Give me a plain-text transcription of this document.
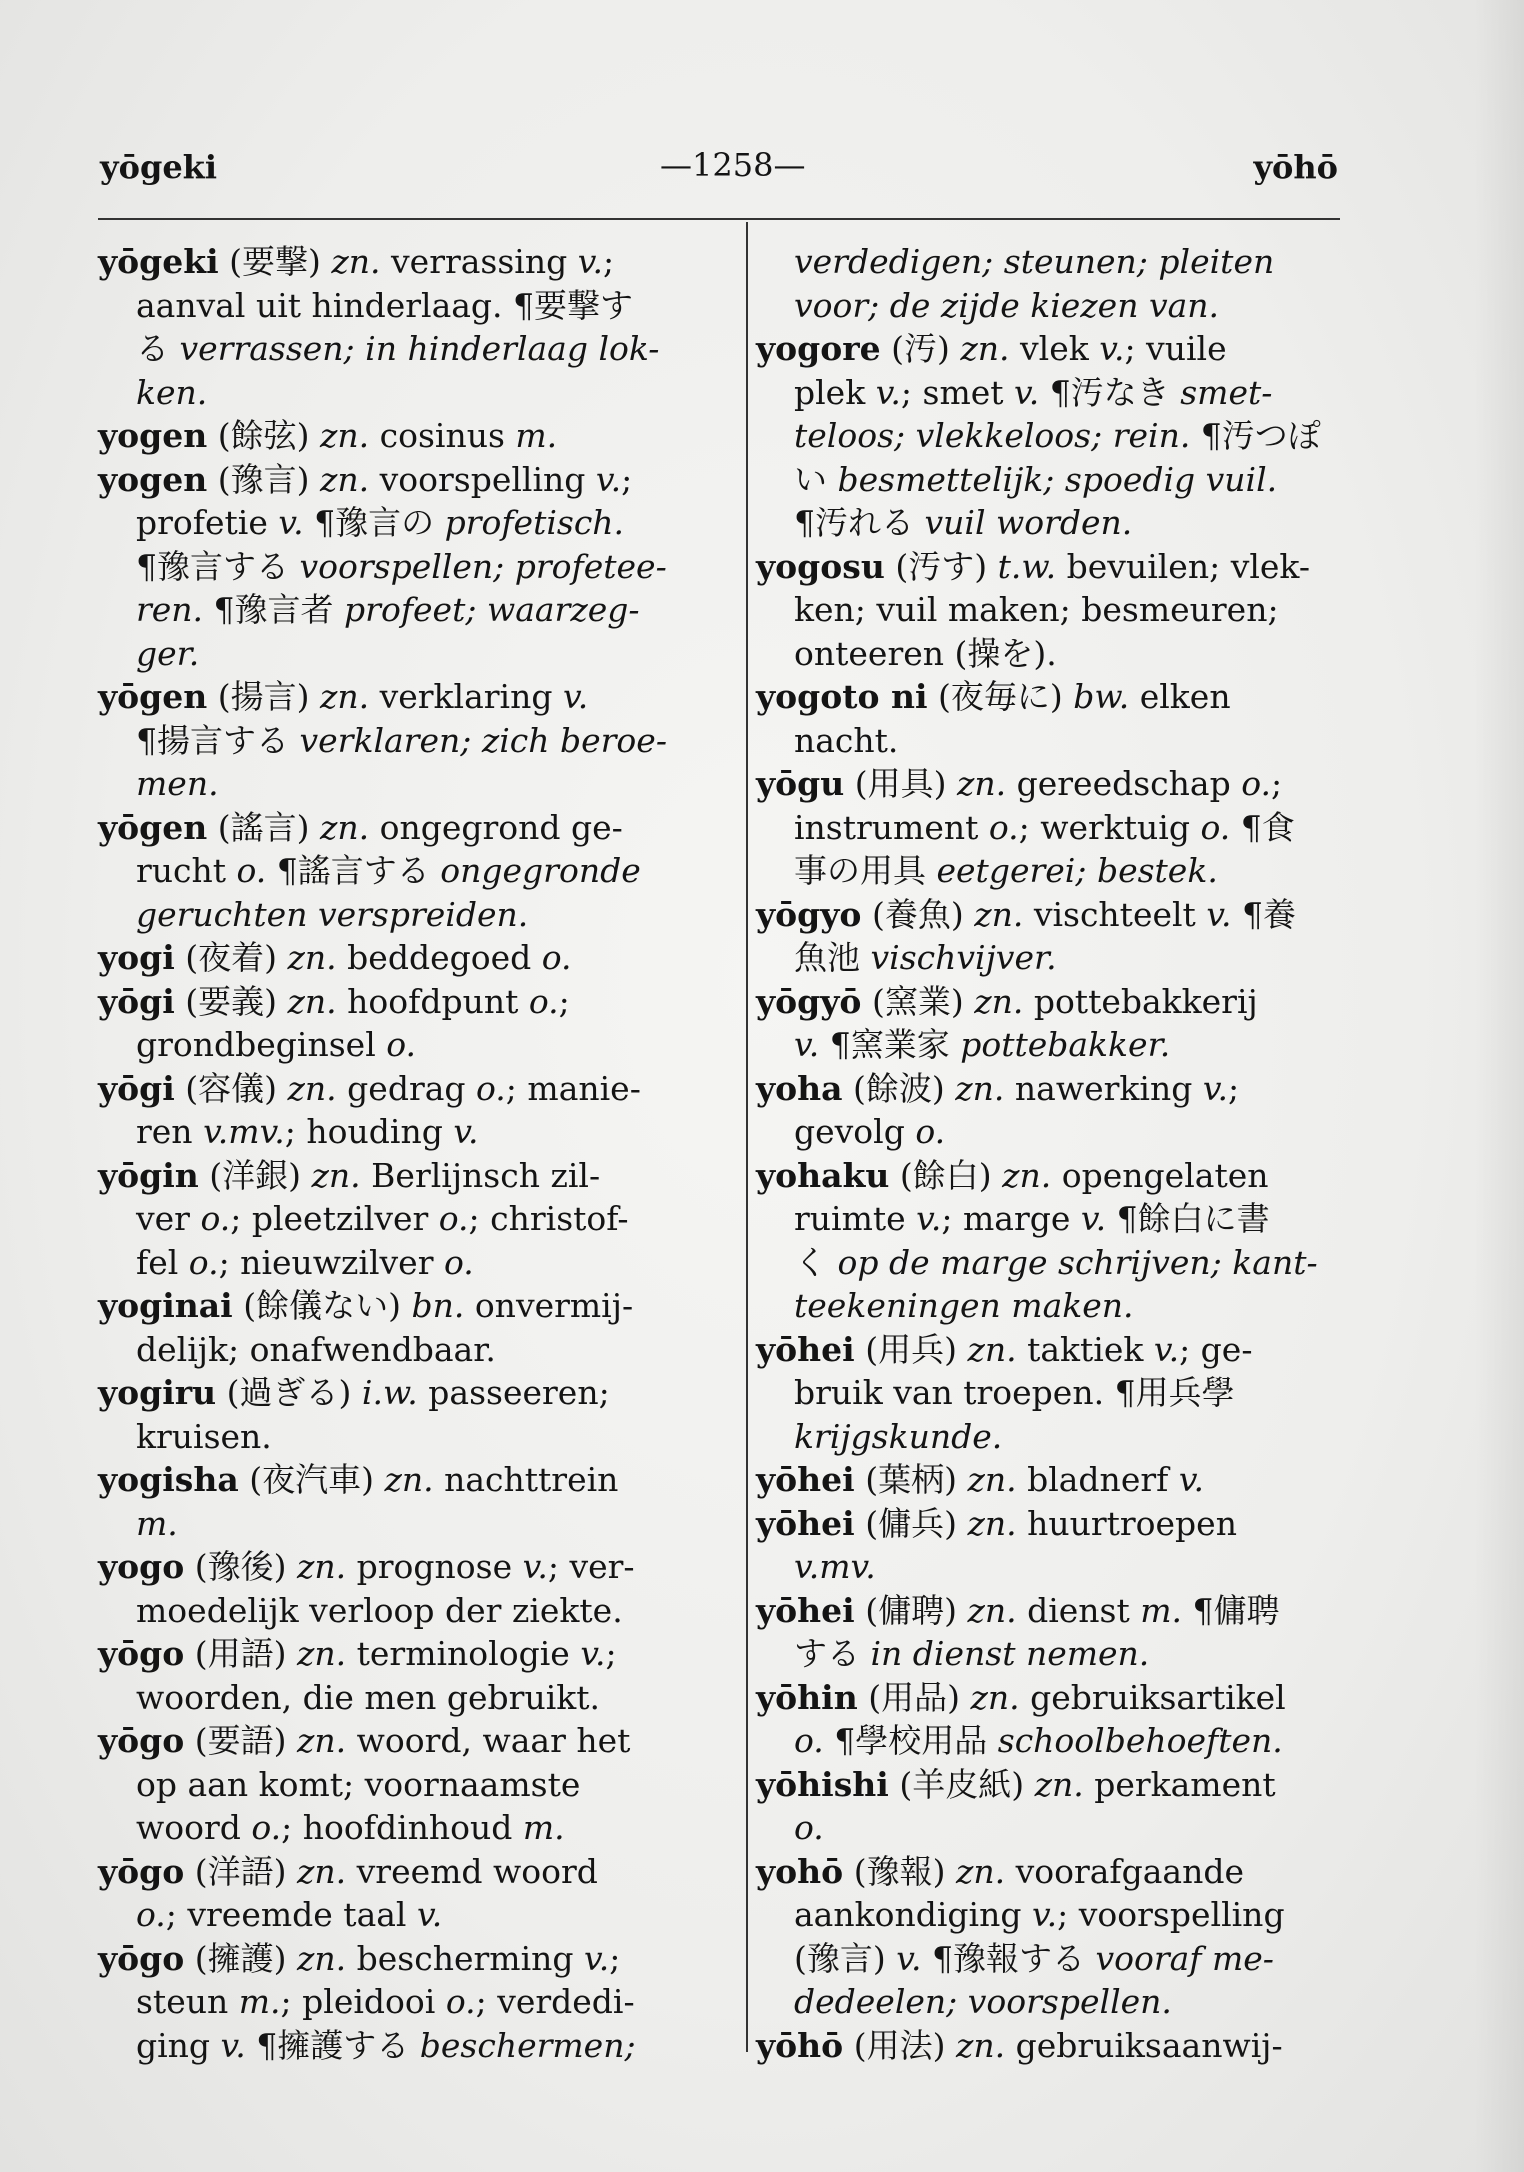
yōgeki	—1258—	yōhō
yōgeki (要撃) zn. verrassing v.;
aanval uit hinderlaag. ¶要撃す
る verrassen; in hinderlaag lok-
ken.
yogen (餘弦) zn. cosinus m.
yogen (豫言) zn. voorspelling v.;
profetie v. ¶豫言の profetisch.
¶豫言する voorspellen; profetee-
ren. ¶豫言者 profeet; waarzeg-
ger.
yōgen (揚言) zn. verklaring v.
¶揚言する verklaren; zich beroe-
men.
yōgen (謠言) zn. ongegrond ge-
rucht o. ¶謠言する ongegronde
geruchten verspreiden.
yogi (夜着) zn. beddegoed o.
yōgi (要義) zn. hoofdpunt o.;
grondbeginsel o.
yōgi (容儀) zn. gedrag o.; manie-
ren v.mv.; houding v.
yōgin (洋銀) zn. Berlijnsch zil-
ver o.; pleetzilver o.; christof-
fel o.; nieuwzilver o.
yoginai (餘儀ない) bn. onvermij-
delijk; onafwendbaar.
yogiru (過ぎる) i.w. passeeren;
kruisen.
yogisha (夜汽車) zn. nachttrein
m.
yogo (豫後) zn. prognose v.; ver-
moedelijk verloop der ziekte.
yōgo (用語) zn. terminologie v.;
woorden, die men gebruikt.
yōgo (要語) zn. woord, waar het
op aan komt; voornaamste
woord o.; hoofdinhoud m.
yōgo (洋語) zn. vreemd woord
o.; vreemde taal v.
yōgo (擁護) zn. bescherming v.;
steun m.; pleidooi o.; verdedi-
ging v. ¶擁護する beschermen;
verdedigen; steunen; pleiten
voor; de zijde kiezen van.
yogore (汚) zn. vlek v.; vuile
plek v.; smet v. ¶汚なき smet-
teloos; vlekkeloos; rein. ¶汚つぽ
い besmettelijk; spoedig vuil.
¶汚れる vuil worden.
yogosu (汚す) t.w. bevuilen; vlek-
ken; vuil maken; besmeuren;
onteeren (操を).
yogoto ni (夜毎に) bw. elken
nacht.
yōgu (用具) zn. gereedschap o.;
instrument o.; werktuig o. ¶食
事の用具 eetgerei; bestek.
yōgyo (養魚) zn. vischteelt v. ¶養
魚池 vischvijver.
yōgyō (窯業) zn. pottebakkerij
v. ¶窯業家 pottebakker.
yoha (餘波) zn. nawerking v.;
gevolg o.
yohaku (餘白) zn. opengelaten
ruimte v.; marge v. ¶餘白に書
く op de marge schrijven; kant-
teekeningen maken.
yōhei (用兵) zn. taktiek v.; ge-
bruik van troepen. ¶用兵學
krijgskunde.
yōhei (葉柄) zn. bladnerf v.
yōhei (傭兵) zn. huurtroepen
v.mv.
yōhei (傭聘) zn. dienst m. ¶傭聘
する in dienst nemen.
yōhin (用品) zn. gebruiksartikel
o. ¶學校用品 schoolbehoeften.
yōhishi (羊皮紙) zn. perkament
o.
yohō (豫報) zn. voorafgaande
aankondiging v.; voorspelling
(豫言) v. ¶豫報する vooraf me-
dedeelen; voorspellen.
yōhō (用法) zn. gebruiksaanwij-
